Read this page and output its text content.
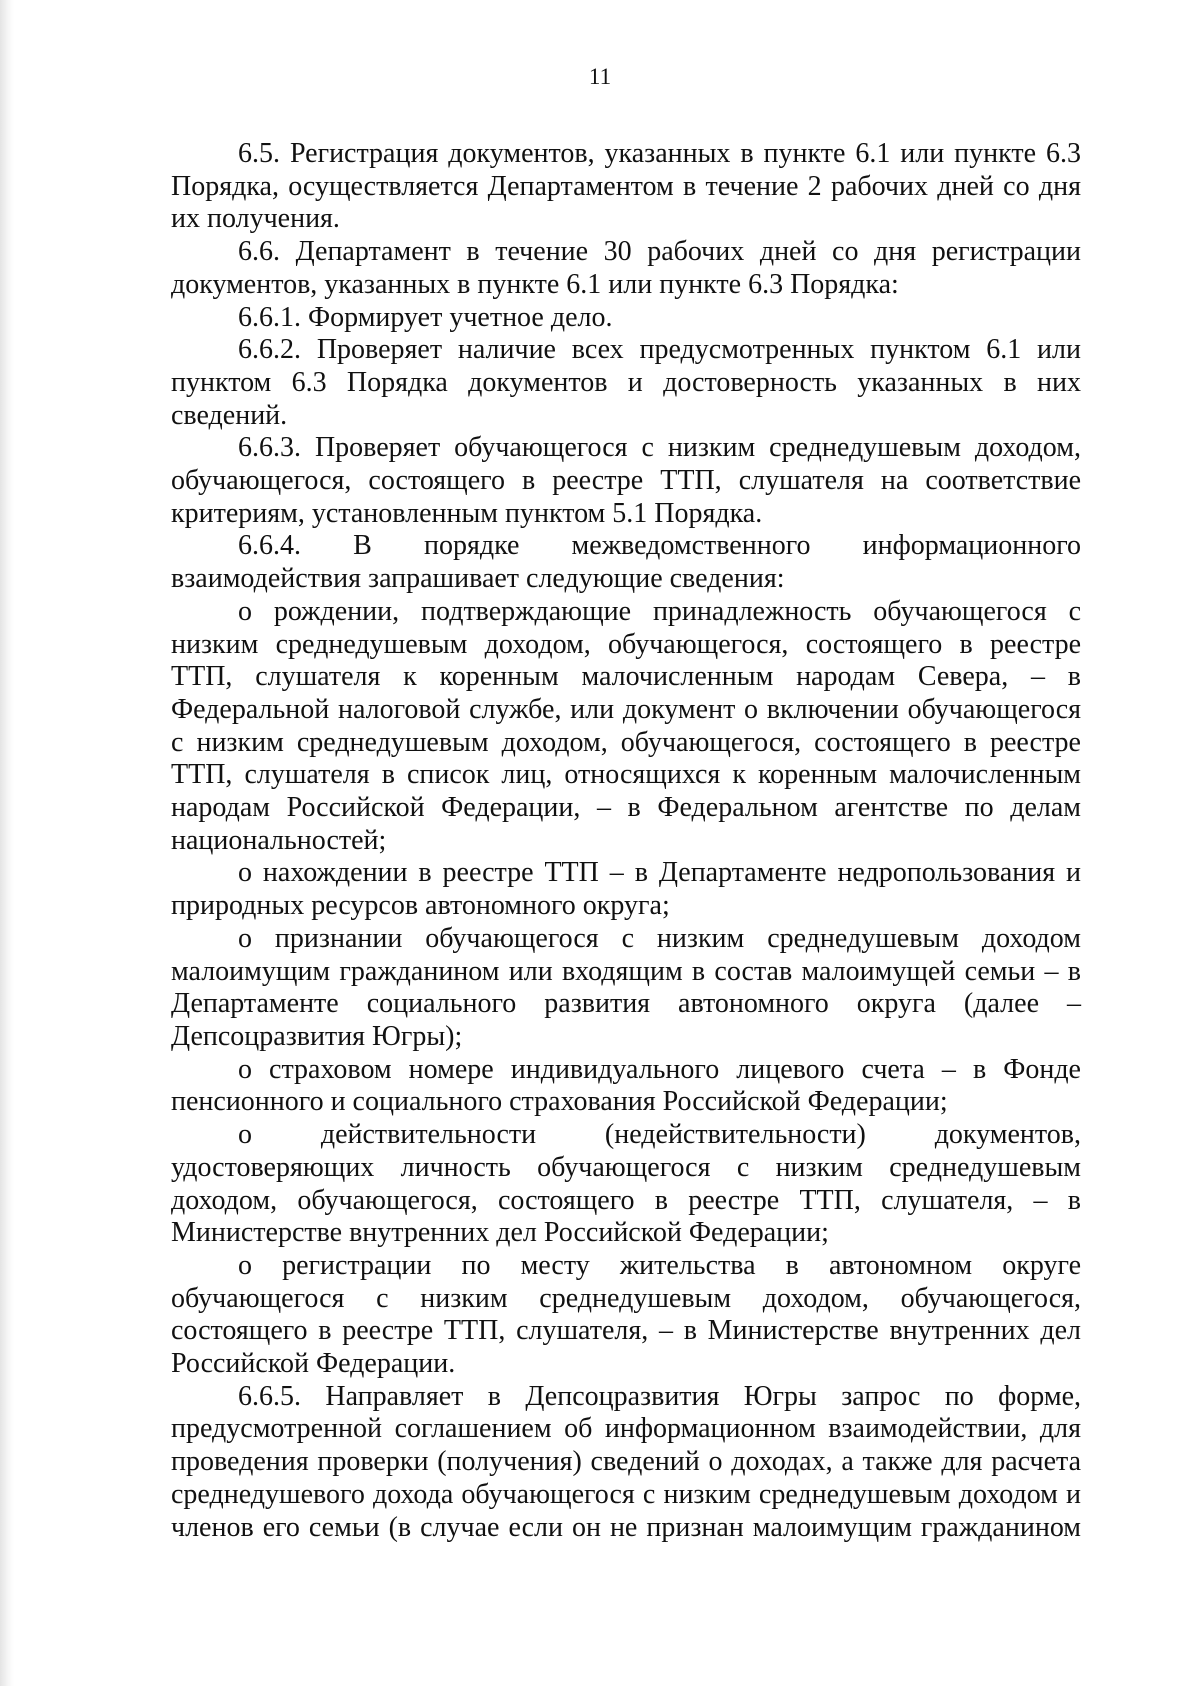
11

6.5. Регистрация документов, указанных в пункте 6.1 или пункте 6.3 Порядка, осуществляется Департаментом в течение 2 рабочих дней со дня их получения.

6.6. Департамент в течение 30 рабочих дней со дня регистрации документов, указанных в пункте 6.1 или пункте 6.3 Порядка:

6.6.1. Формирует учетное дело.

6.6.2. Проверяет наличие всех предусмотренных пунктом 6.1 или пунктом 6.3 Порядка документов и достоверность указанных в них сведений.

6.6.3. Проверяет обучающегося с низким среднедушевым доходом, обучающегося, состоящего в реестре ТТП, слушателя на соответствие критериям, установленным пунктом 5.1 Порядка.

6.6.4. В порядке межведомственного информационного взаимодействия запрашивает следующие сведения:

о рождении, подтверждающие принадлежность обучающегося с низким среднедушевым доходом, обучающегося, состоящего в реестре ТТП, слушателя к коренным малочисленным народам Севера, – в Федеральной налоговой службе, или документ о включении обучающегося с низким среднедушевым доходом, обучающегося, состоящего в реестре ТТП, слушателя в список лиц, относящихся к коренным малочисленным народам Российской Федерации, – в Федеральном агентстве по делам национальностей;

о нахождении в реестре ТТП – в Департаменте недропользования и природных ресурсов автономного округа;

о признании обучающегося с низким среднедушевым доходом малоимущим гражданином или входящим в состав малоимущей семьи – в Департаменте социального развития автономного округа (далее – Депсоцразвития Югры);

о страховом номере индивидуального лицевого счета – в Фонде пенсионного и социального страхования Российской Федерации;

о действительности (недействительности) документов, удостоверяющих личность обучающегося с низким среднедушевым доходом, обучающегося, состоящего в реестре ТТП, слушателя, – в Министерстве внутренних дел Российской Федерации;

о регистрации по месту жительства в автономном округе обучающегося с низким среднедушевым доходом, обучающегося, состоящего в реестре ТТП, слушателя, – в Министерстве внутренних дел Российской Федерации.

6.6.5. Направляет в Депсоцразвития Югры запрос по форме, предусмотренной соглашением об информационном взаимодействии, для проведения проверки (получения) сведений о доходах, а также для расчета среднедушевого дохода обучающегося с низким среднедушевым доходом и членов его семьи (в случае если он не признан малоимущим гражданином
